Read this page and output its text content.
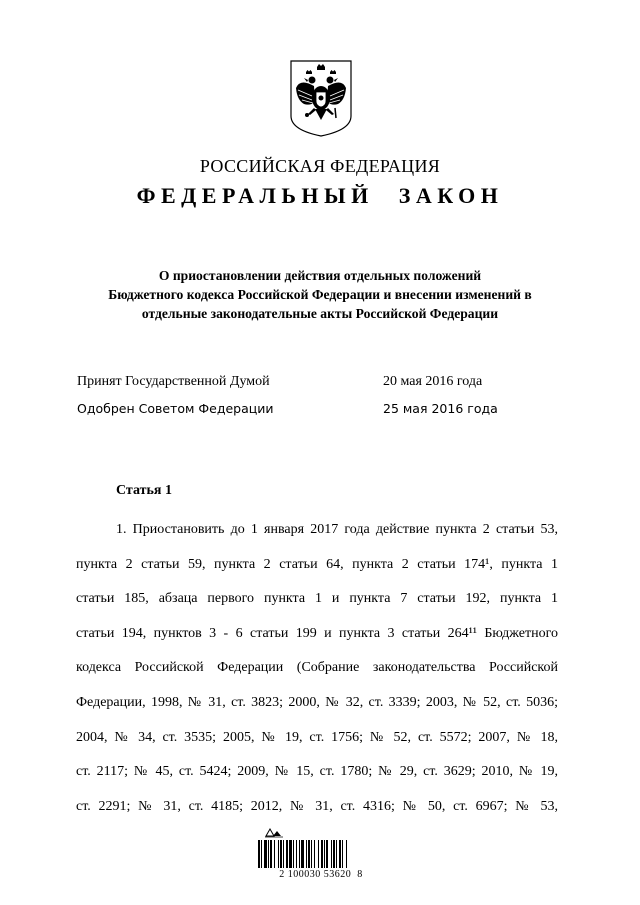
РОССИЙСКАЯ ФЕДЕРАЦИЯ
ФЕДЕРАЛЬНЫЙ ЗАКОН
О приостановлении действия отдельных положений
Бюджетного кодекса Российской Федерации и внесении изменений в
отдельные законодательные акты Российской Федерации
Принят Государственной Думой	20 мая 2016 года
Одобрен Советом Федерации	25 мая 2016 года
Статья 1
1. Приостановить до 1 января 2017 года действие пункта 2 статьи 53,
пункта 2 статьи 59, пункта 2 статьи 64, пункта 2 статьи 174¹, пункта 1
статьи 185, абзаца первого пункта 1 и пункта 7 статьи 192, пункта 1
статьи 194, пунктов 3 - 6 статьи 199 и пункта 3 статьи 264¹¹ Бюджетного
кодекса Российской Федерации (Собрание законодательства Российской
Федерации, 1998, № 31, ст. 3823; 2000, № 32, ст. 3339; 2003, № 52, ст. 5036;
2004, № 34, ст. 3535; 2005, № 19, ст. 1756; № 52, ст. 5572; 2007, № 18,
ст. 2117; № 45, ст. 5424; 2009, № 15, ст. 1780; № 29, ст. 3629; 2010, № 19,
ст. 2291; № 31, ст. 4185; 2012, № 31, ст. 4316; № 50, ст. 6967; № 53,
2 100030 53620  8
